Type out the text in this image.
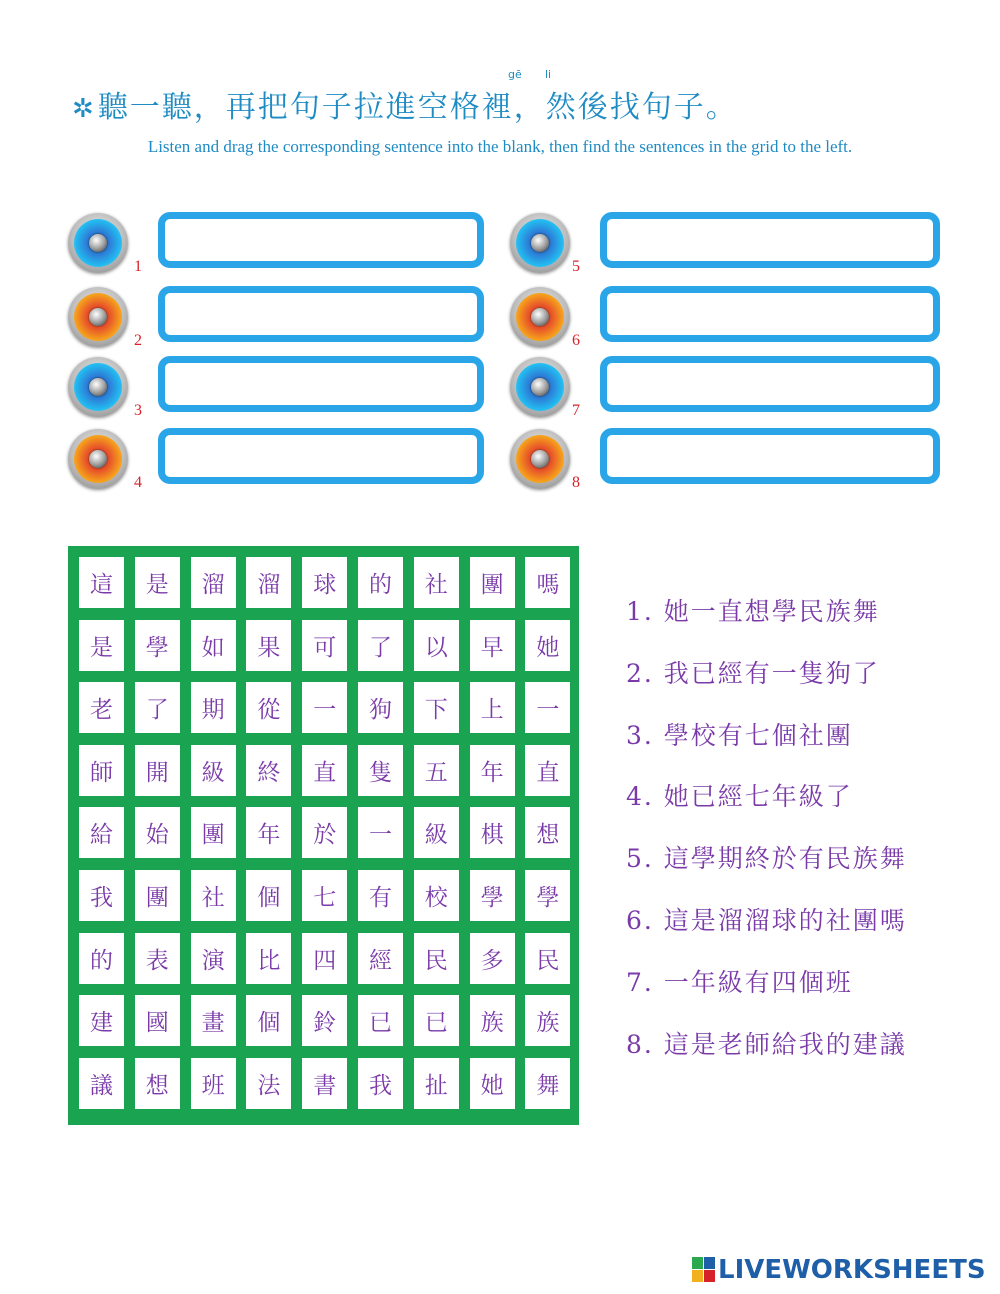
✲聽一聽，再把句子拉進空格裡，然後找句子。
gē li
Listen and drag the corresponding sentence into the blank, then find the sentences in the grid to the left.
1
2
3
4
5
6
7
8
這	是	溜	溜	球	的	社	團	嗎
是	學	如	果	可	了	以	早	她
老	了	期	從	一	狗	下	上	一
師	開	級	終	直	隻	五	年	直
給	始	團	年	於	一	級	棋	想
我	團	社	個	七	有	校	學	學
的	表	演	比	四	經	民	多	民
建	國	畫	個	鈴	已	已	族	族
議	想	班	法	書	我	扯	她	舞
1. 她一直想學民族舞
2. 我已經有一隻狗了
3. 學校有七個社團
4. 她已經七年級了
5. 這學期終於有民族舞
6. 這是溜溜球的社團嗎
7. 一年級有四個班
8. 這是老師給我的建議
LIVEWORKSHEETS
